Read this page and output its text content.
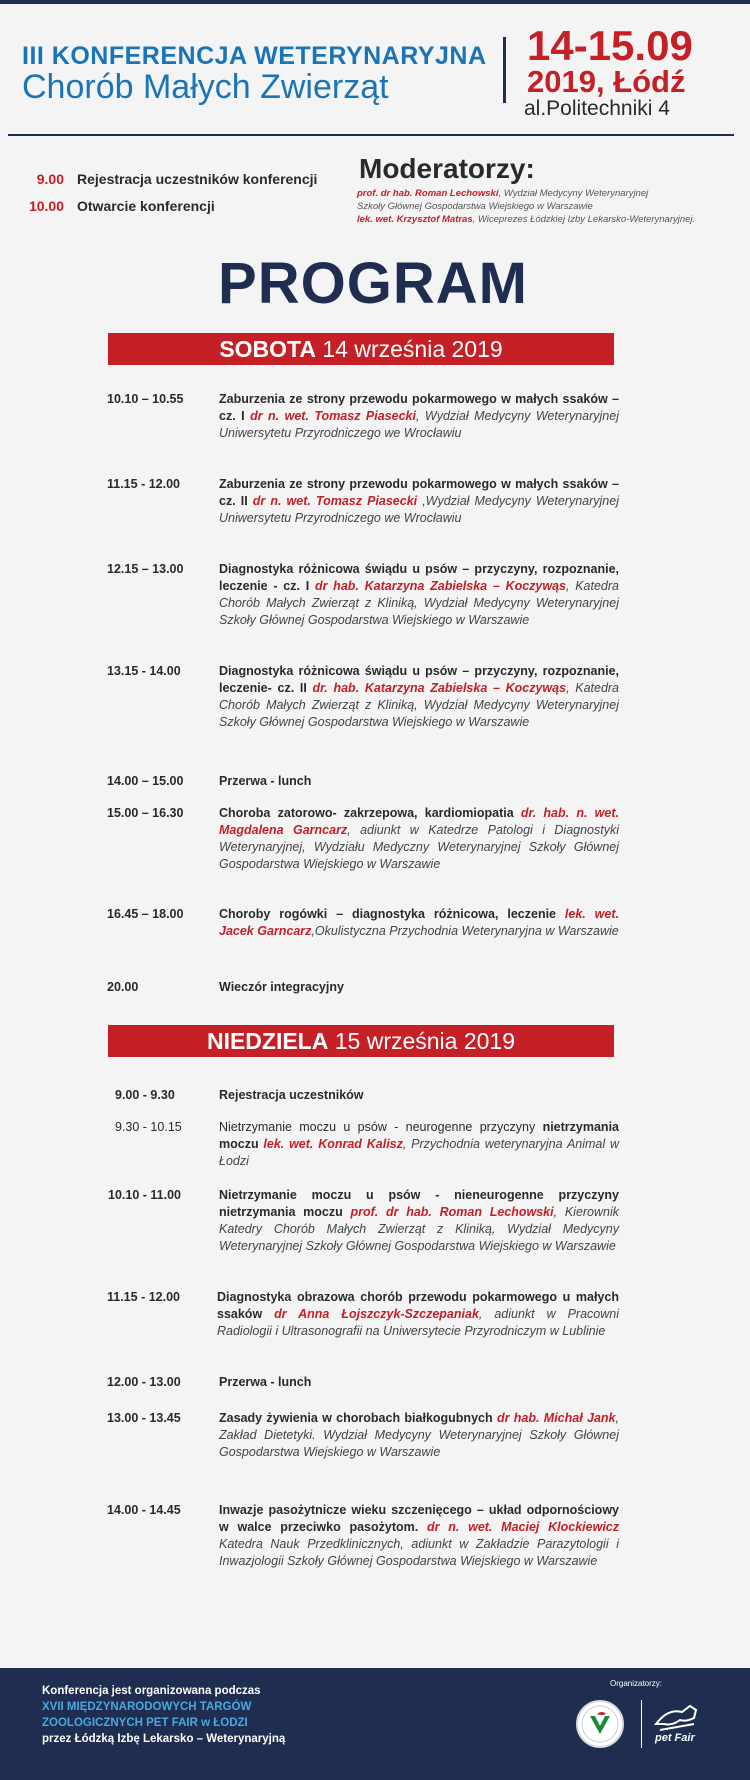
III KONFERENCJA WETERYNARYJNA
Chorób Małych Zwierząt
14-15.09
2019, Łódź
al.Politechniki 4
9.00 Rejestracja uczestników konferencji
10.00 Otwarcie konferencji
Moderatorzy:
prof. dr hab. Roman Lechowski, Wydział Medycyny Weterynaryjnej
Szkoły Głównej Gospodarstwa Wiejskiego w Warszawie
lek. wet. Krzysztof Matras, Wiceprezes Łódzkiej Izby Lekarsko-Weterynaryjnej.
PROGRAM
SOBOTA 14 września 2019
10.10 – 10.55	Zaburzenia ze strony przewodu pokarmowego w małych ssaków – cz. I dr n. wet. Tomasz Piasecki, Wydział Medycyny Weterynaryjnej Uniwersytetu Przyrodniczego we Wrocławiu
11.15 - 12.00	Zaburzenia ze strony przewodu pokarmowego w małych ssaków – cz. II dr n. wet. Tomasz Piasecki ,Wydział Medycyny Weterynaryjnej Uniwersytetu Przyrodniczego we Wrocławiu
12.15 – 13.00	Diagnostyka różnicowa świądu u psów – przyczyny, rozpoznanie, leczenie - cz. I dr hab. Katarzyna Zabielska – Koczywąs, Katedra Chorób Małych Zwierząt z Kliniką, Wydział Medycyny Weterynaryjnej Szkoły Głównej Gospodarstwa Wiejskiego w Warszawie
13.15 - 14.00	Diagnostyka różnicowa świądu u psów – przyczyny, rozpoznanie, leczenie- cz. II dr. hab. Katarzyna Zabielska – Koczywąs, Katedra Chorób Małych Zwierząt z Kliniką, Wydział Medycyny Weterynaryjnej Szkoły Głównej Gospodarstwa Wiejskiego w Warszawie
14.00 – 15.00	Przerwa - lunch
15.00 – 16.30	Choroba zatorowo- zakrzepowa, kardiomiopatia dr. hab. n. wet. Magdalena Garncarz, adiunkt w Katedrze Patologi i Diagnostyki Weterynaryjnej, Wydziału Medyczny Weterynaryjnej Szkoły Głównej Gospodarstwa Wiejskiego w Warszawie
16.45 – 18.00	Choroby rogówki – diagnostyka różnicowa, leczenie lek. wet. Jacek Garncarz,Okulistyczna Przychodnia Weterynaryjna w Warszawie
20.00	Wieczór integracyjny
NIEDZIELA 15 września 2019
9.00 - 9.30	Rejestracja uczestników
9.30 - 10.15	Nietrzymanie moczu u psów - neurogenne przyczyny nietrzymania moczu lek. wet. Konrad Kalisz, Przychodnia weterynaryjna Animal w Łodzi
10.10 - 11.00	Nietrzymanie moczu u psów - nieneurogenne przyczyny nietrzymania moczu prof. dr hab. Roman Lechowski, Kierownik Katedry Chorób Małych Zwierząt z Kliniką, Wydział Medycyny Weterynaryjnej Szkoły Głównej Gospodarstwa Wiejskiego w Warszawie
11.15 - 12.00	Diagnostyka obrazowa chorób przewodu pokarmowego u małych ssaków dr Anna Łojszczyk-Szczepaniak, adiunkt w Pracowni Radiologii i Ultrasonografii na Uniwersytecie Przyrodniczym w Lublinie
12.00 - 13.00	Przerwa - lunch
13.00 - 13.45	Zasady żywienia w chorobach białkogubnych dr hab. Michał Jank, Zakład Dietetyki. Wydział Medycyny Weterynaryjnej Szkoły Głównej Gospodarstwa Wiejskiego w Warszawie
14.00 - 14.45	Inwazje pasożytnicze wieku szczenięcego – układ odpornościowy w walce przeciwko pasożytom. dr n. wet. Maciej Klockiewicz Katedra Nauk Przedklinicznych, adiunkt w Zakładzie Parazytologii i Inwazjologii Szkoły Głównej Gospodarstwa Wiejskiego w Warszawie
Konferencja jest organizowana podczas
XVII MIĘDZYNARODOWYCH TARGÓW
ZOOLOGICZNYCH PET FAIR w ŁODZI
przez Łódzką Izbę Lekarsko – Weterynaryjną
Organizatorzy:
pet Fair
